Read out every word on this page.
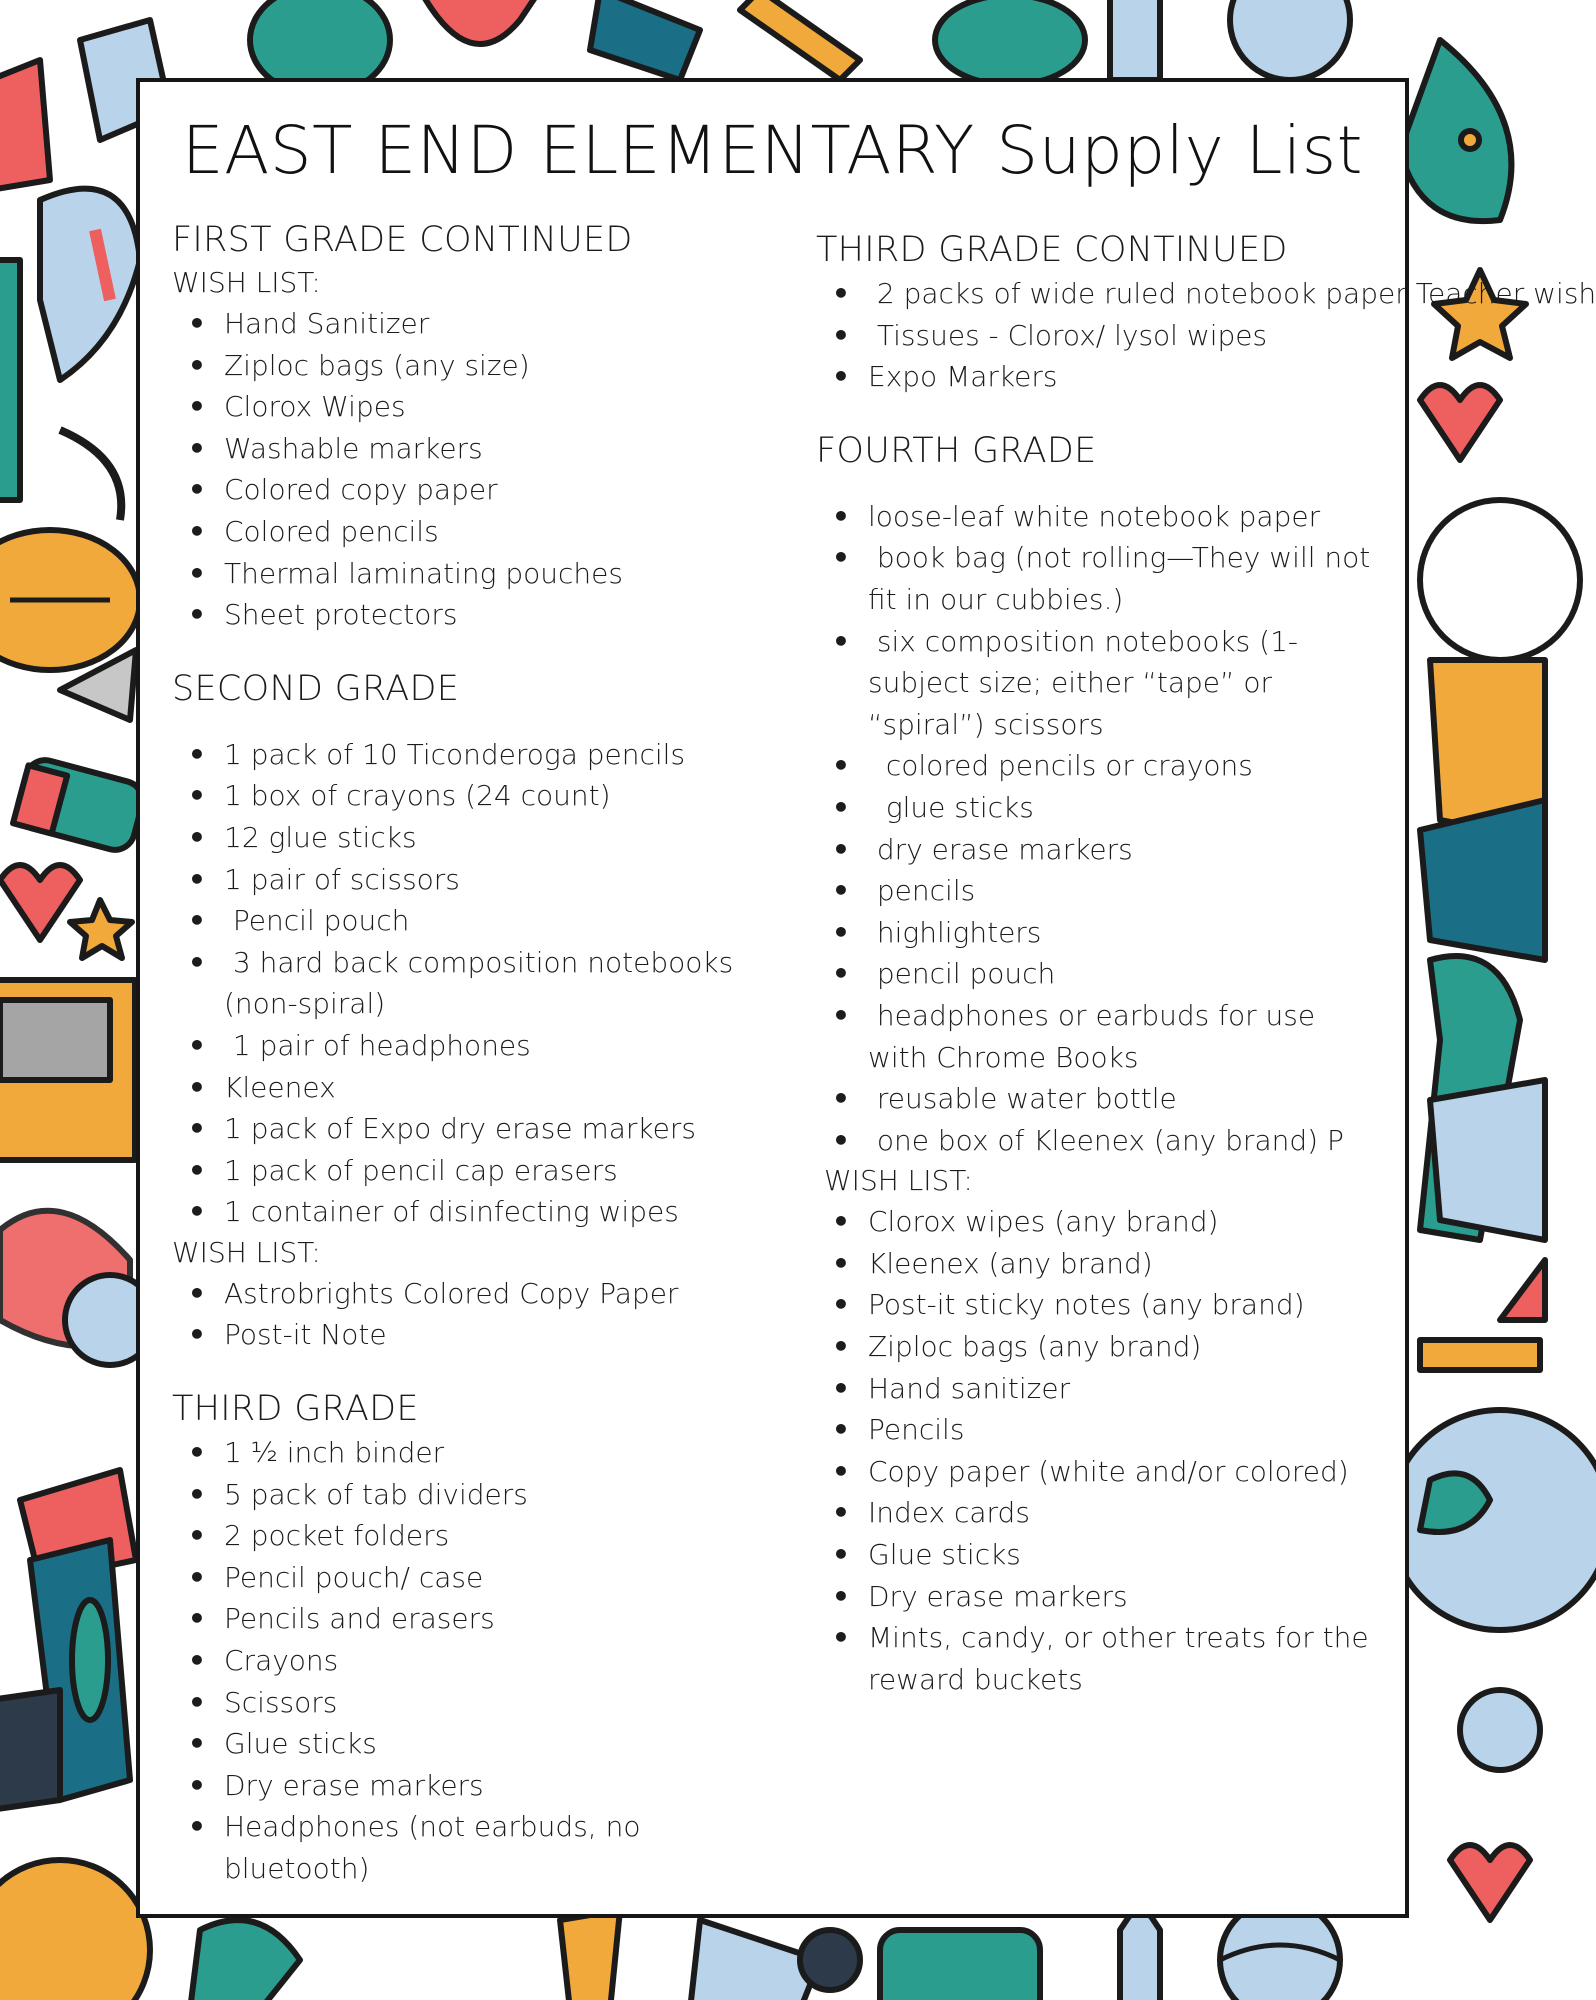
EAST END ELEMENTARY Supply List
FIRST GRADE CONTINUED
WISH LIST:
• Hand Sanitizer
• Ziploc bags (any size)
• Clorox Wipes
• Washable markers
• Colored copy paper
• Colored pencils
• Thermal laminating pouches
• Sheet protectors
SECOND GRADE
• 1 pack of 10 Ticonderoga pencils
• 1 box of crayons (24 count)
• 12 glue sticks
• 1 pair of scissors
•  Pencil pouch
•  3 hard back composition notebooks (non-spiral)
•  1 pair of headphones
• Kleenex
• 1 pack of Expo dry erase markers
• 1 pack of pencil cap erasers
• 1 container of disinfecting wipes
WISH LIST:
• Astrobrights Colored Copy Paper
• Post-it Note
THIRD GRADE
• 1 ½ inch binder
• 5 pack of tab dividers
• 2 pocket folders
• Pencil pouch/ case
• Pencils and erasers
• Crayons
• Scissors
• Glue sticks
• Dry erase markers
• Headphones (not earbuds, no bluetooth)
THIRD GRADE CONTINUED
•  2 packs of wide ruled notebook paper Teacher wish
•  Tissues - Clorox/ lysol wipes
• Expo Markers
FOURTH GRADE
• loose-leaf white notebook paper
•  book bag (not rolling—They will not fit in our cubbies.)
•  six composition notebooks (1-subject size; either “tape” or “spiral”) scissors
•   colored pencils or crayons
•   glue sticks
•  dry erase markers
•  pencils
•  highlighters
•  pencil pouch
•  headphones or earbuds for use with Chrome Books
•  reusable water bottle
•  one box of Kleenex (any brand) P
WISH LIST:
• Clorox wipes (any brand)
• Kleenex (any brand)
• Post-it sticky notes (any brand)
• Ziploc bags (any brand)
• Hand sanitizer
• Pencils
• Copy paper (white and/or colored)
• Index cards
• Glue sticks
• Dry erase markers
• Mints, candy, or other treats for the reward buckets
